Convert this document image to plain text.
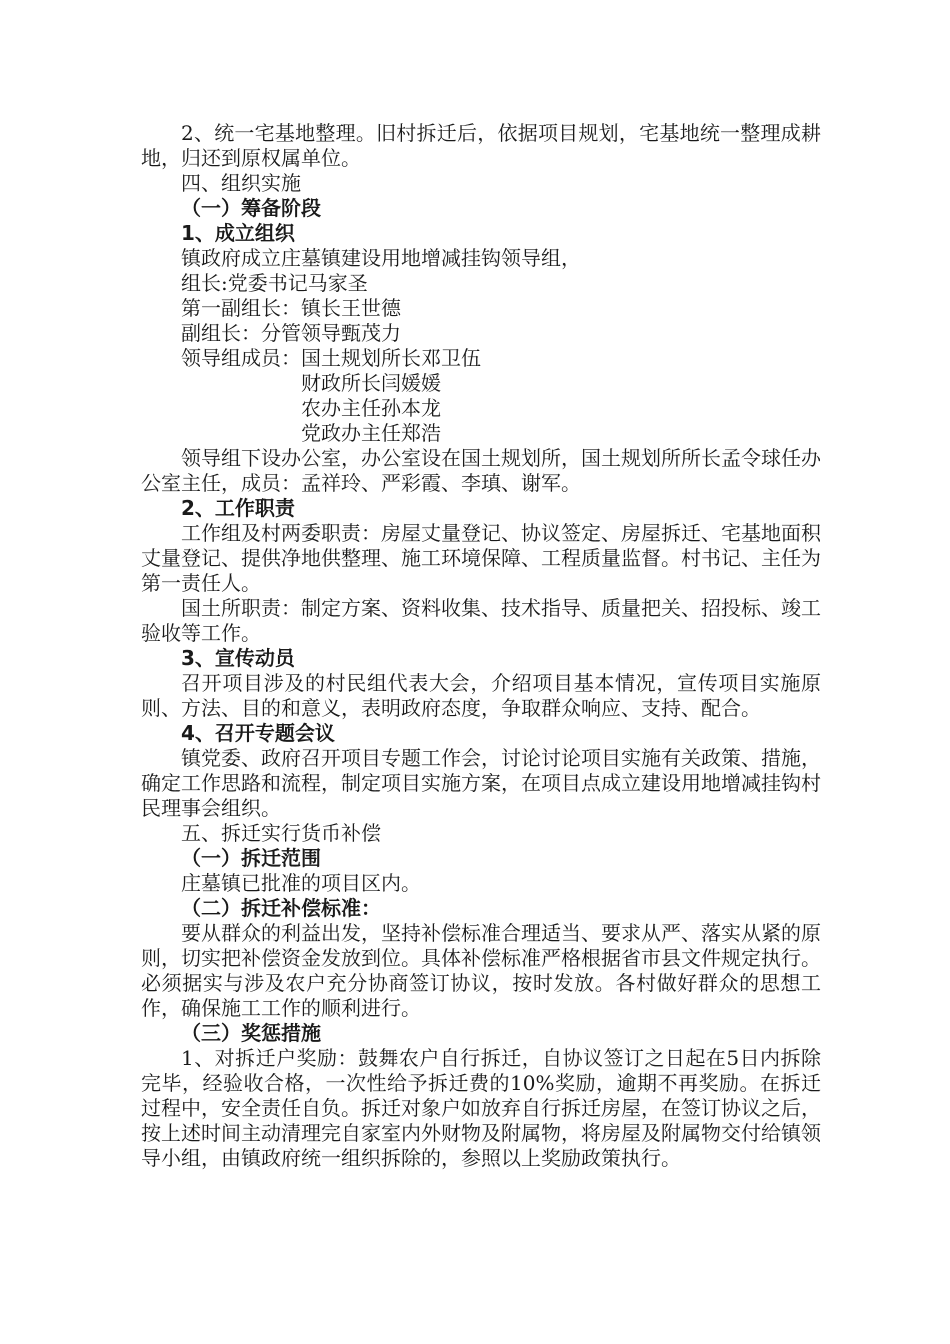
2、统一宅基地整理。旧村拆迁后，依据项目规划，宅基地统一整理成耕地，归还到原权属单位。

四、组织实施

（一）筹备阶段

1、成立组织

镇政府成立庄墓镇建设用地增减挂钩领导组，

组长:党委书记马家圣

第一副组长：镇长王世德

副组长：分管领导甄茂力

领导组成员： 国土规划所长邓卫伍
财政所长闫媛媛
农办主任孙本龙
党政办主任郑浩

领导组下设办公室，办公室设在国土规划所，国土规划所所长孟令球任办公室主任，成员：孟祥玲、严彩霞、李瑱、谢军。

2、工作职责

工作组及村两委职责：房屋丈量登记、协议签定、房屋拆迁、宅基地面积丈量登记、提供净地供整理、施工环境保障、工程质量监督。村书记、主任为第一责任人。

国土所职责：制定方案、资料收集、技术指导、质量把关、招投标、竣工验收等工作。

3、宣传动员

召开项目涉及的村民组代表大会，介绍项目基本情况，宣传项目实施原则、方法、目的和意义，表明政府态度，争取群众响应、支持、配合。

4、召开专题会议

镇党委、政府召开项目专题工作会，讨论讨论项目实施有关政策、措施，确定工作思路和流程，制定项目实施方案，在项目点成立建设用地增减挂钩村民理事会组织。

五、拆迁实行货币补偿

（一）拆迁范围

庄墓镇已批准的项目区内。

（二）拆迁补偿标准：

要从群众的利益出发，坚持补偿标准合理适当、要求从严、落实从紧的原则，切实把补偿资金发放到位。具体补偿标准严格根据省市县文件规定执行。必须据实与涉及农户充分协商签订协议，按时发放。各村做好群众的思想工作，确保施工工作的顺利进行。

（三）奖惩措施

1、对拆迁户奖励：鼓舞农户自行拆迁，自协议签订之日起在5日内拆除完毕，经验收合格，一次性给予拆迁费的10%奖励，逾期不再奖励。在拆迁过程中，安全责任自负。拆迁对象户如放弃自行拆迁房屋，在签订协议之后，按上述时间主动清理完自家室内外财物及附属物，将房屋及附属物交付给镇领导小组，由镇政府统一组织拆除的，参照以上奖励政策执行。
